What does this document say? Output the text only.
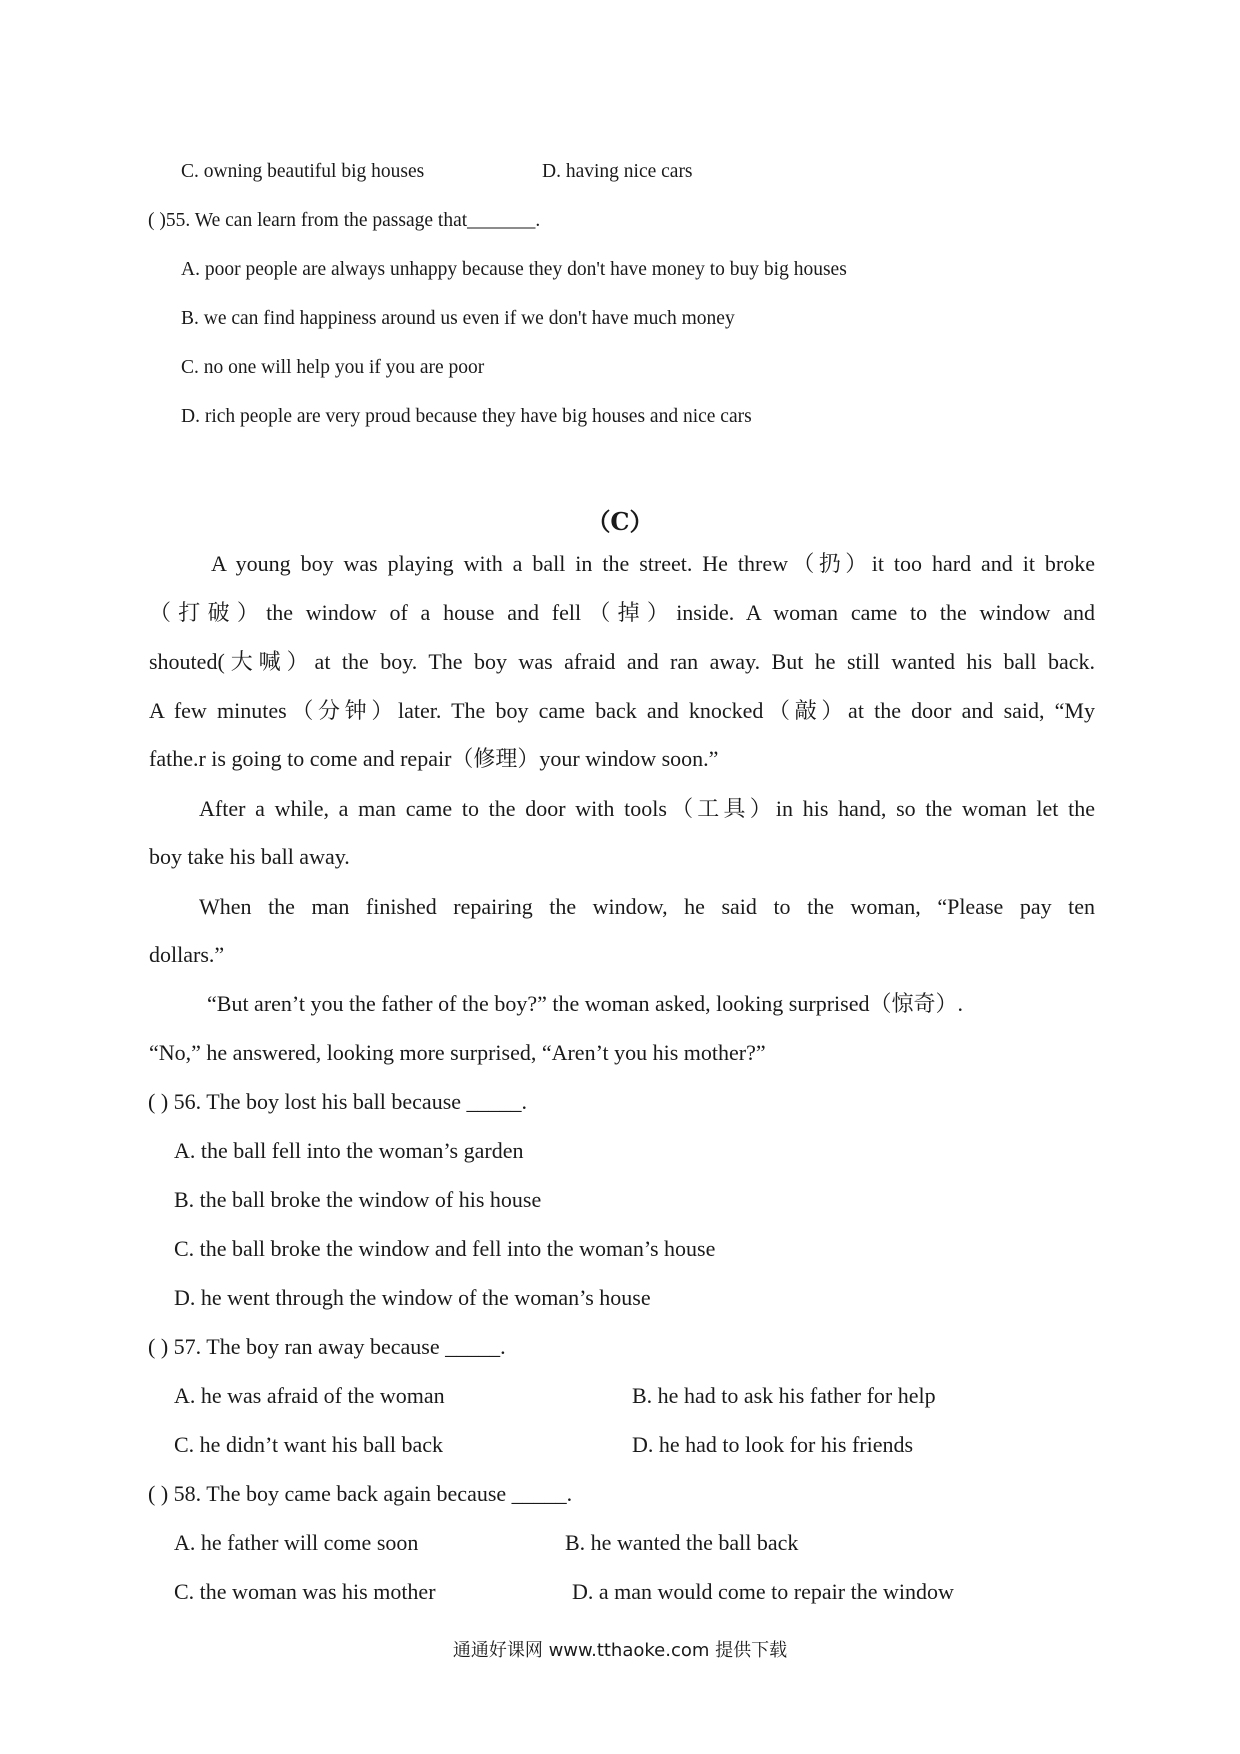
C. owning beautiful big houses	D. having nice cars
( )55. We can learn from the passage that_______.
A. poor people are always unhappy because they don't have money to buy big houses
B. we can find happiness around us even if we don't have much money
C. no one will help you if you are poor
D. rich people are very proud because they have big houses and nice cars
（C）
A young boy was playing with a ball in the street. He threw（扔）it too hard and it broke
（打破）the window of a house and fell（掉）inside. A woman came to the window and
shouted(大喊）at the boy. The boy was afraid and ran away. But he still wanted his ball back.
A few minutes（分钟）later. The boy came back and knocked（敲）at the door and said, “My
fathe.r is going to come and repair（修理）your window soon.”
After a while, a man came to the door with tools（工具）in his hand, so the woman let the
boy take his ball away.
When the man finished repairing the window, he said to the woman, “Please pay ten
dollars.”
“But aren’t you the father of the boy?” the woman asked, looking surprised（惊奇）.
“No,” he answered, looking more surprised, “Aren’t you his mother?”
( ) 56. The boy lost his ball because _____.
A. the ball fell into the woman’s garden
B. the ball broke the window of his house
C. the ball broke the window and fell into the woman’s house
D. he went through the window of the woman’s house
( ) 57. The boy ran away because _____.
A. he was afraid of the woman	B. he had to ask his father for help
C. he didn’t want his ball back	D. he had to look for his friends
( ) 58. The boy came back again because _____.
A. he father will come soon	B. he wanted the ball back
C. the woman was his mother	D. a man would come to repair the window
通通好课网 www.tthaoke.com 提供下载
